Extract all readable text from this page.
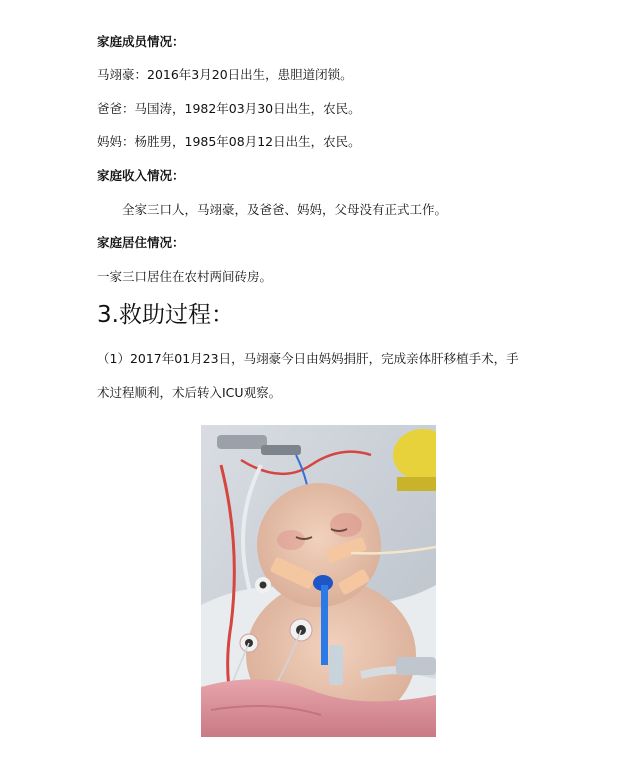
家庭成员情况：
马翊豪：2016年3月20日出生，患胆道闭锁。
爸爸：马国涛，1982年03月30日出生，农民。
妈妈：杨胜男，1985年08月12日出生，农民。
家庭收入情况：
全家三口人，马翊豪，及爸爸、妈妈，父母没有正式工作。
家庭居住情况：
一家三口居住在农村两间砖房。
3.救助过程：
（1）2017年01月23日，马翊豪今日由妈妈捐肝，完成亲体肝移植手术，手
术过程顺利，术后转入ICU观察。
